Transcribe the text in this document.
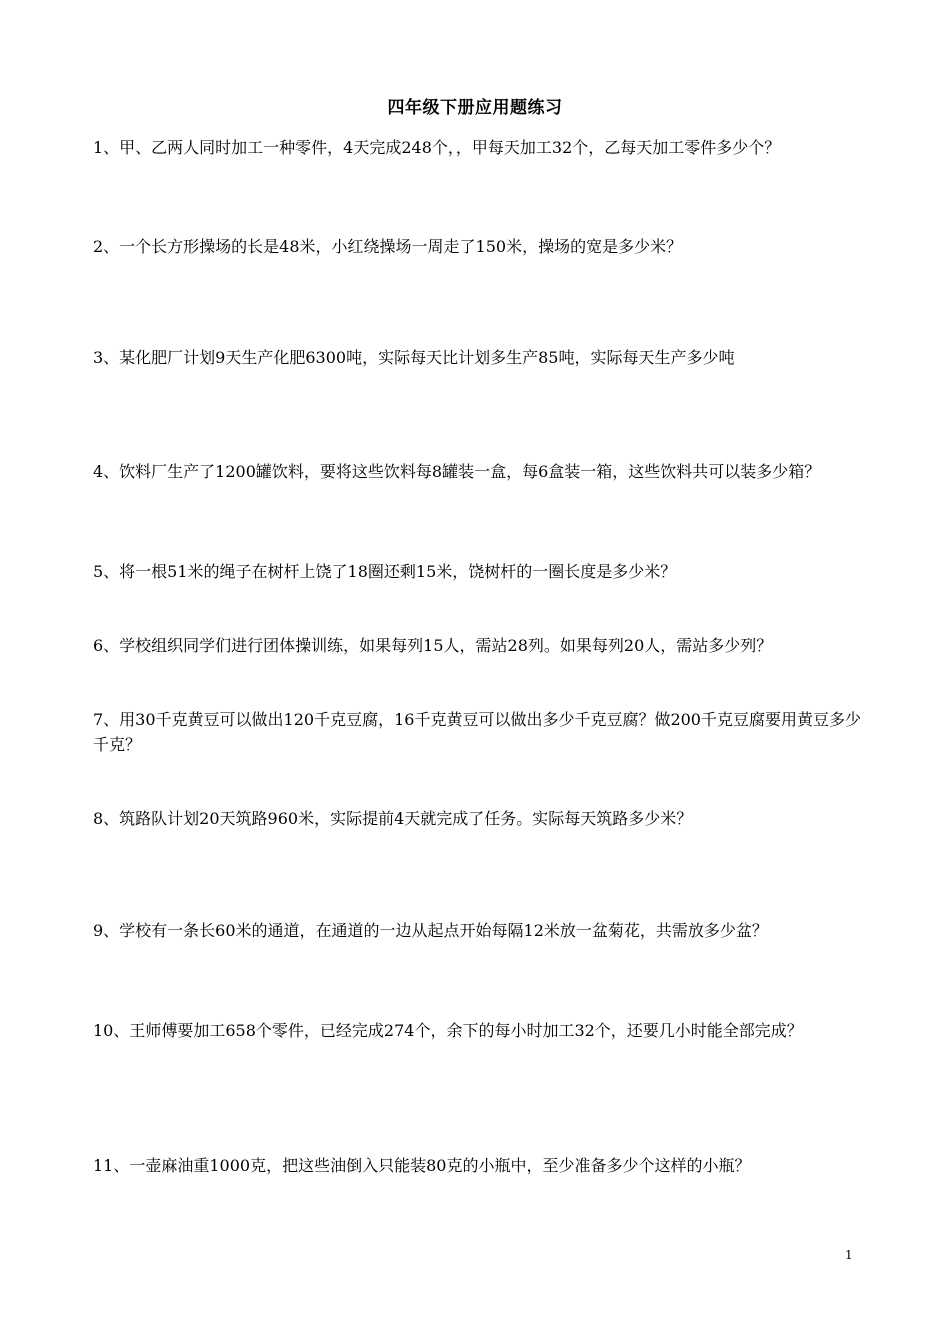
四年级下册应用题练习
1、甲、乙两人同时加工一种零件，4天完成248个，，甲每天加工32个，乙每天加工零件多少个？
2、一个长方形操场的长是48米，小红绕操场一周走了150米，操场的宽是多少米？
3、某化肥厂计划9天生产化肥6300吨，实际每天比计划多生产85吨，实际每天生产多少吨
4、饮料厂生产了1200罐饮料，要将这些饮料每8罐装一盒，每6盒装一箱，这些饮料共可以装多少箱？
5、将一根51米的绳子在树杆上饶了18圈还剩15米，饶树杆的一圈长度是多少米？
6、学校组织同学们进行团体操训练，如果每列15人，需站28列。如果每列20人，需站多少列？
7、用30千克黄豆可以做出120千克豆腐，16千克黄豆可以做出多少千克豆腐？做200千克豆腐要用黄豆多少千克？
8、筑路队计划20天筑路960米，实际提前4天就完成了任务。实际每天筑路多少米？
9、学校有一条长60米的通道，在通道的一边从起点开始每隔12米放一盆菊花，共需放多少盆？
10、王师傅要加工658个零件，已经完成274个，余下的每小时加工32个，还要几小时能全部完成？
11、一壶麻油重1000克，把这些油倒入只能装80克的小瓶中，至少准备多少个这样的小瓶？
1
